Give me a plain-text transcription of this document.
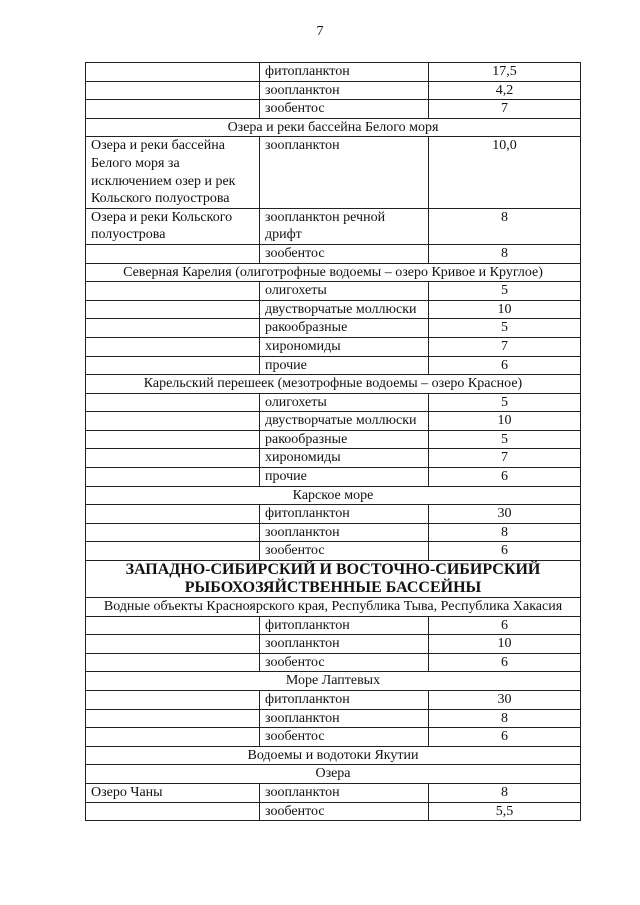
7
	фитопланктон	17,5
	зоопланктон	4,2
	зообентос	7
Озера и реки бассейна Белого моря		
Озера и реки бассейна Белого моря за исключением озер и рек Кольского полуострова	зоопланктон	10,0
Озера и реки Кольского полуострова	зоопланктон речной дрифт	8
	зообентос	8
Северная Карелия (олиготрофные водоемы – озеро Кривое и Круглое)		
	олигохеты	5
	двустворчатые моллюски	10
	ракообразные	5
	хирономиды	7
	прочие	6
Карельский перешеек (мезотрофные водоемы – озеро Красное)		
	олигохеты	5
	двустворчатые моллюски	10
	ракообразные	5
	хирономиды	7
	прочие	6
Карское море		
	фитопланктон	30
	зоопланктон	8
	зообентос	6
ЗАПАДНО-СИБИРСКИЙ И ВОСТОЧНО-СИБИРСКИЙ РЫБОХОЗЯЙСТВЕННЫЕ БАССЕЙНЫ		
Водные объекты Красноярского края, Республика Тыва, Республика Хакасия		
	фитопланктон	6
	зоопланктон	10
	зообентос	6
Море Лаптевых		
	фитопланктон	30
	зоопланктон	8
	зообентос	6
Водоемы и водотоки Якутии		
Озера		
Озеро Чаны	зоопланктон	8
	зообентос	5,5
